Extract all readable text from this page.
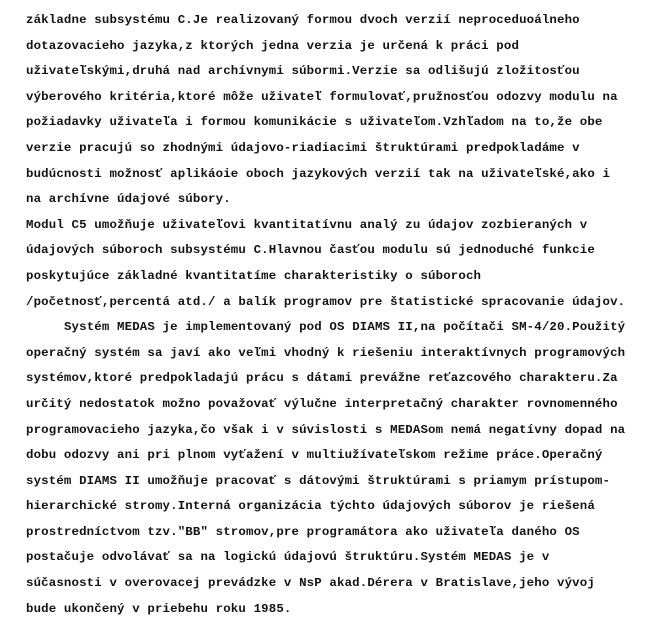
základne subsystému C.Je realizovaný formou dvoch verzií neproceduoálneho dotazovacieho jazyka,z ktorých jedna verzia je určená k práci pod uživateľskými,druhá nad archívnymi súbormi.Verzie sa odlišujú zložitosťou výberového kritéria,ktoré môže uživateľ formulovať,pružnosťou odozvy modulu na požiadavky uživateľa i formou komunikácie s uživateľom.Vzhľadom na to,že obe verzie pracujú so zhodnými údajovo-riadiacimi štruktúrami predpokladáme v budúcnosti možnosť aplikáoie oboch jazykových verzií tak na uživateľské,ako i na archívne údajové súbory.

Modul C5 umožňuje uživateľovi kvantitatívnu analý zu údajov zozbieraných v údajových súboroch subsystému C.Hlavnou časťou modulu sú jednoduché funkcie poskytujúce základné kvantitatíme charakteristiky o súboroch /početnosť,percentá atd./ a balík programov pre štatistické spracovanie údajov.

Systém MEDAS je implementovaný pod OS DIAMS II,na počítači SM-4/20.Použitý operačný systém sa javí ako veľmi vhodný k riešeniu interaktívnych programových systémov,ktoré predpokladajú prácu s dátami prevážne reťazcového charakteru.Za určitý nedostatok možno považovať výlučne interpretačný charakter rovnomenného programovacieho jazyka,čo však i v súvislosti s MEDASom nemá negatívny dopad na dobu odozvy ani pri plnom vyťažení v multiužívateľskom režime práce.Operačný systém DIAMS II umožňuje pracovať s dátovými štruktúrami s priamym prístupom-hierarchické stromy.Interná organizácia týchto údajových súborov je riešená prostredníctvom tzv."BB" stromov,pre programátora ako uživateľa daného OS postačuje odvolávať sa na logickú údajovú štruktúru.Systém MEDAS je v súčasnosti v overovacej prevádzke v NsP akad.Dérera v Bratislave,jeho vývoj bude ukončený v priebehu roku 1985.
